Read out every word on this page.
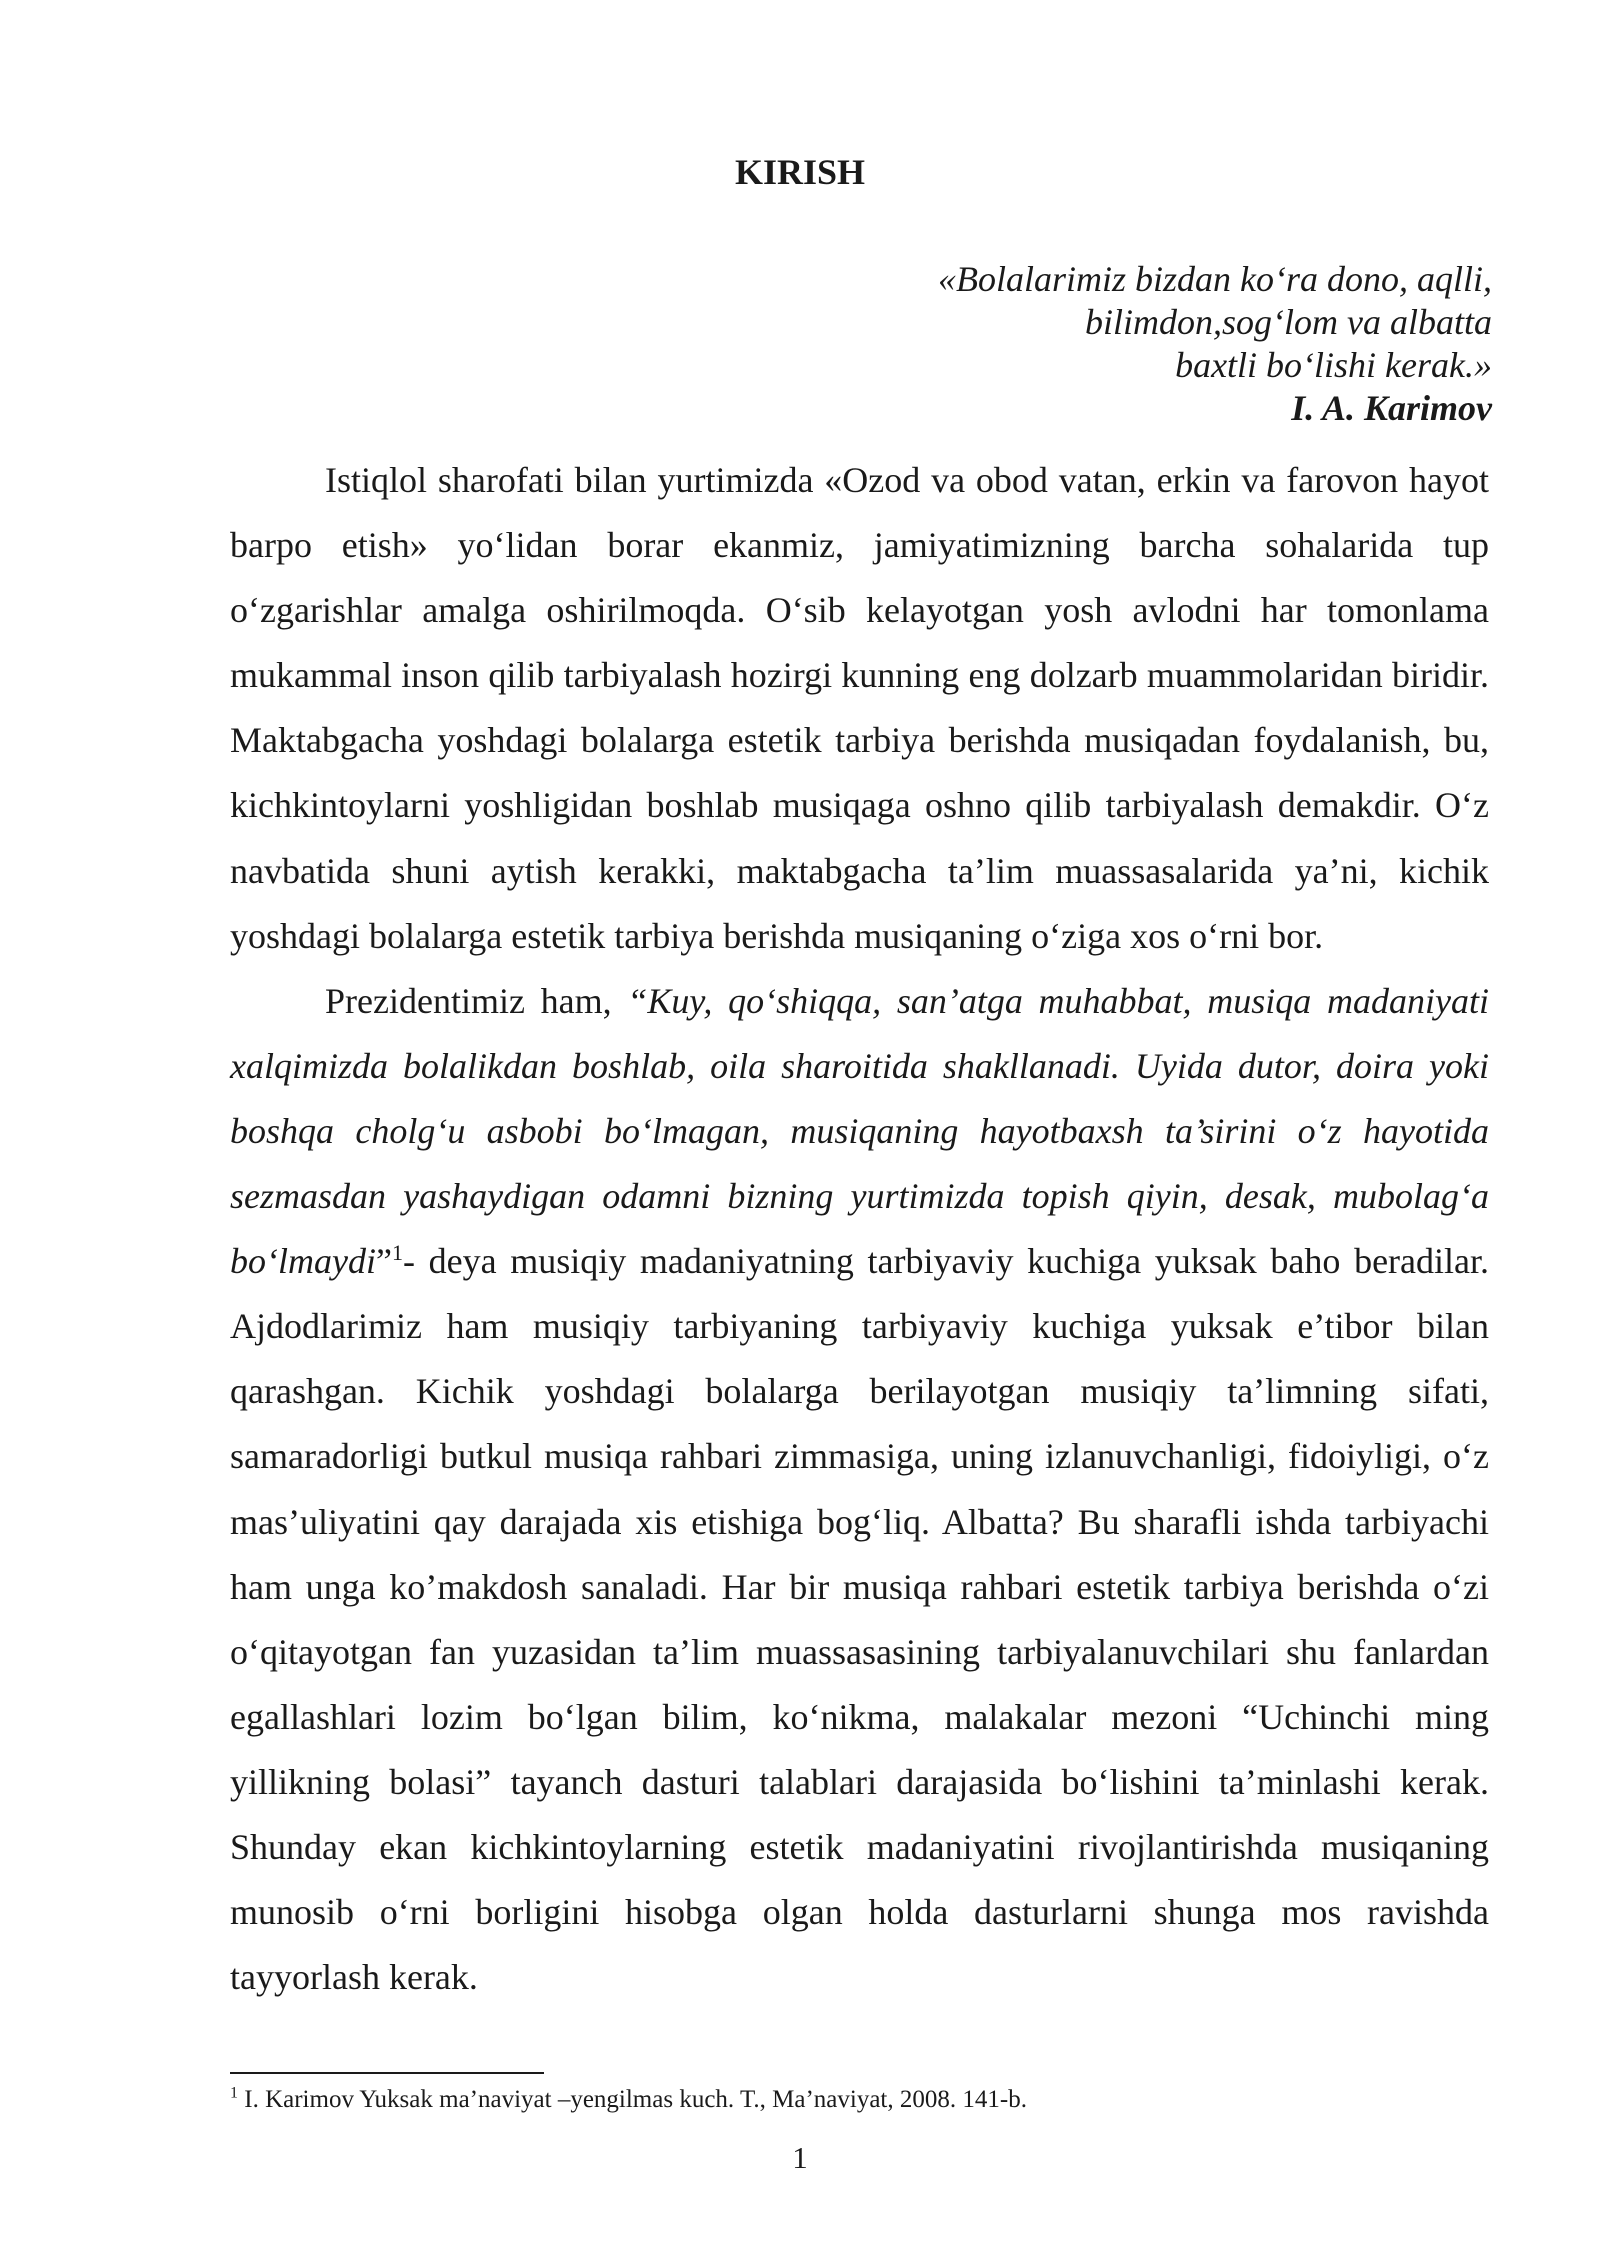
KIRISH
«Bolalarimiz bizdan ko‘ra dono, aqlli,
bilimdon,sog‘lom va albatta
baxtli bo‘lishi kerak.»
I. A. Karimov

Istiqlol sharofati bilan yurtimizda «Ozod va obod vatan, erkin va farovon hayot barpo etish» yo‘lidan borar ekanmiz, jamiyatimizning barcha sohalarida tup o‘zgarishlar amalga oshirilmoqda. O‘sib kelayotgan yosh avlodni har tomonlama mukammal inson qilib tarbiyalash hozirgi kunning eng dolzarb muammolaridan biridir. Maktabgacha yoshdagi bolalarga estetik tarbiya berishda musiqadan foydalanish, bu, kichkintoylarni yoshligidan boshlab musiqaga oshno qilib tarbiyalash demakdir. O‘z navbatida shuni aytish kerakki, maktabgacha ta’lim muassasalarida ya’ni, kichik yoshdagi bolalarga estetik tarbiya berishda musiqaning o‘ziga xos o‘rni bor.

Prezidentimiz ham, “Kuy, qo‘shiqqa, san’atga muhabbat, musiqa madaniyati xalqimizda bolalikdan boshlab, oila sharoitida shakllanadi. Uyida dutor, doira yoki boshqa cholg‘u asbobi bo‘lmagan, musiqaning hayotbaxsh ta’sirini o‘z hayotida sezmasdan yashaydigan odamni bizning yurtimizda topish qiyin, desak, mubolag‘a bo‘lmaydi”$^1$- deya musiqiy madaniyatning tarbiyaviy kuchiga yuksak baho beradilar. Ajdodlarimiz ham musiqiy tarbiyaning tarbiyaviy kuchiga yuksak e’tibor bilan qarashgan. Kichik yoshdagi bolalarga berilayotgan musiqiy ta’limning sifati, samaradorligi butkul musiqa rahbari zimmasiga, uning izlanuvchanligi, fidoiyligi, o‘z mas’uliyatini qay darajada xis etishiga bog‘liq. Albatta? Bu sharafli ishda tarbiyachi ham unga ko’makdosh sanaladi. Har bir musiqa rahbari estetik tarbiya berishda o‘zi o‘qitayotgan fan yuzasidan ta’lim muassasasining tarbiyalanuvchilari shu fanlardan egallashlari lozim bo‘lgan bilim, ko‘nikma, malakalar mezoni “Uchinchi ming yillikning bolasi” tayanch dasturi talablari darajasida bo‘lishini ta’minlashi kerak. Shunday ekan kichkintoylarning estetik madaniyatini rivojlantirishda musiqaning munosib o‘rni borligini hisobga olgan holda dasturlarni shunga mos ravishda tayyorlash kerak.

$^1$ I. Karimov Yuksak ma’naviyat –yengilmas kuch. T., Ma’naviyat, 2008. 141-b.
1
